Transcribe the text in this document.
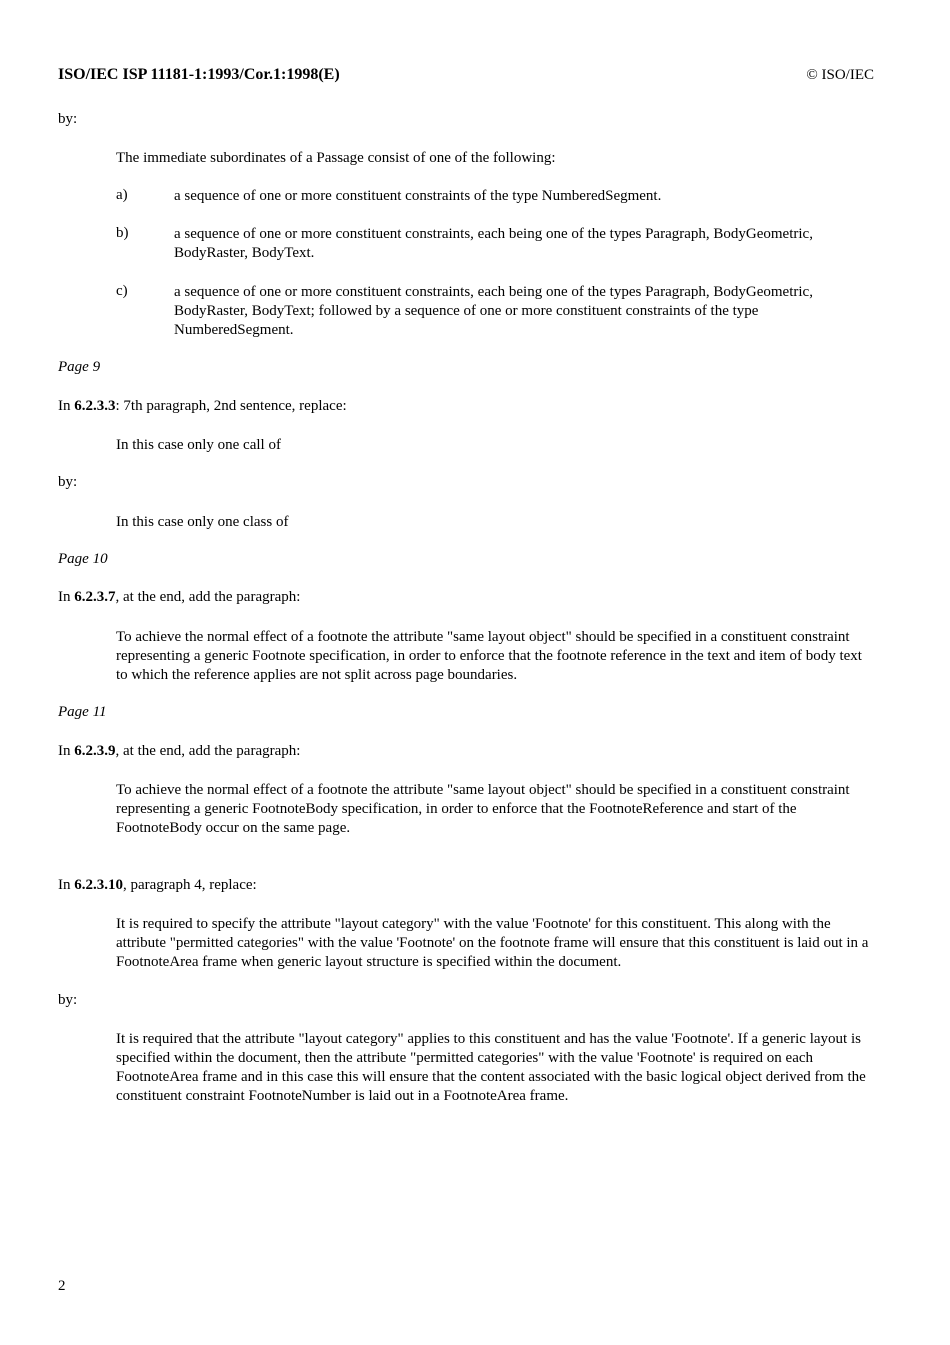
ISO/IEC ISP 11181-1:1993/Cor.1:1998(E)	© ISO/IEC
by:
The immediate subordinates of a Passage consist of one of the following:
a)	a sequence of one or more constituent constraints of the type NumberedSegment.
b)	a sequence of one or more constituent constraints, each being one of the types Paragraph, BodyGeometric, BodyRaster, BodyText.
c)	a sequence of one or more constituent constraints, each being one of the types Paragraph, BodyGeometric, BodyRaster, BodyText; followed by a sequence of one or more constituent constraints of the type NumberedSegment.
Page 9
In 6.2.3.3: 7th paragraph, 2nd sentence, replace:
In this case only one call of
by:
In this case only one class of
Page 10
In 6.2.3.7, at the end, add the paragraph:
To achieve the normal effect of a footnote the attribute "same layout object" should be specified in a constituent constraint representing a generic Footnote specification, in order to enforce that the footnote reference in the text and item of body text to which the reference applies are not split across page boundaries.
Page 11
In 6.2.3.9, at the end, add the paragraph:
To achieve the normal effect of a footnote the attribute "same layout object" should be specified in a constituent constraint representing a generic FootnoteBody specification, in order to enforce that the FootnoteReference and start of the FootnoteBody occur on the same page.
In 6.2.3.10, paragraph 4, replace:
It is required to specify the attribute "layout category" with the value 'Footnote' for this constituent. This along with the attribute "permitted categories" with the value 'Footnote' on the footnote frame will ensure that this constituent is laid out in a FootnoteArea frame when generic layout structure is specified within the document.
by:
It is required that the attribute "layout category" applies to this constituent and has the value 'Footnote'. If a generic layout is specified within the document, then the attribute "permitted categories" with the value 'Footnote' is required on each FootnoteArea frame and in this case this will ensure that the content associated with the basic logical object derived from the constituent constraint FootnoteNumber is laid out in a FootnoteArea frame.
2
